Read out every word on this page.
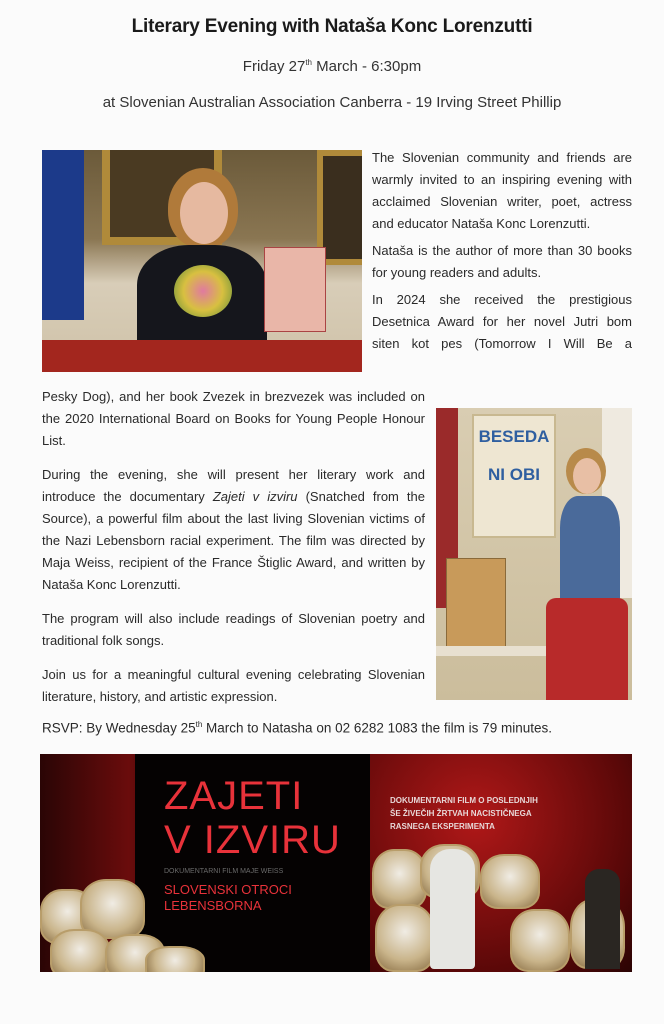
Literary Evening with Nataša Konc Lorenzutti
Friday 27th March - 6:30pm
at Slovenian Australian Association Canberra - 19 Irving Street Phillip

The Slovenian community and friends are warmly invited to an inspiring evening with acclaimed Slovenian writer, poet, actress and educator Nataša Konc Lorenzutti.

Nataša is the author of more than 30 books for young readers and adults.

In 2024 she received the prestigious Desetnica Award for her novel Jutri bom siten kot pes (Tomorrow I Will Be a

Pesky Dog), and her book Zvezek in brezvezek was included on the 2020 International Board on Books for Young People Honour List.

During the evening, she will present her literary work and introduce the documentary Zajeti v izviru (Snatched from the Source), a powerful film about the last living Slovenian victims of the Nazi Lebensborn racial experiment. The film was directed by Maja Weiss, recipient of the France Štiglic Award, and written by Nataša Konc Lorenzutti.

The program will also include readings of Slovenian poetry and traditional folk songs.

Join us for a meaningful cultural evening celebrating Slovenian literature, history, and artistic expression.

BESEDA NI OBI
RSVP: By Wednesday 25th March to Natasha on 02 6282 1083 the film is 79 minutes.
ZAJETI
V IZVIRU
DOKUMENTARNI FILM MAJE WEISS
SLOVENSKI OTROCI
LEBENSBORNA
DOKUMENTARNI FILM O POSLEDNJIH
ŠE ŽIVEČIH ŽRTVAH NACISTIČNEGA
RASNEGA EKSPERIMENTA
